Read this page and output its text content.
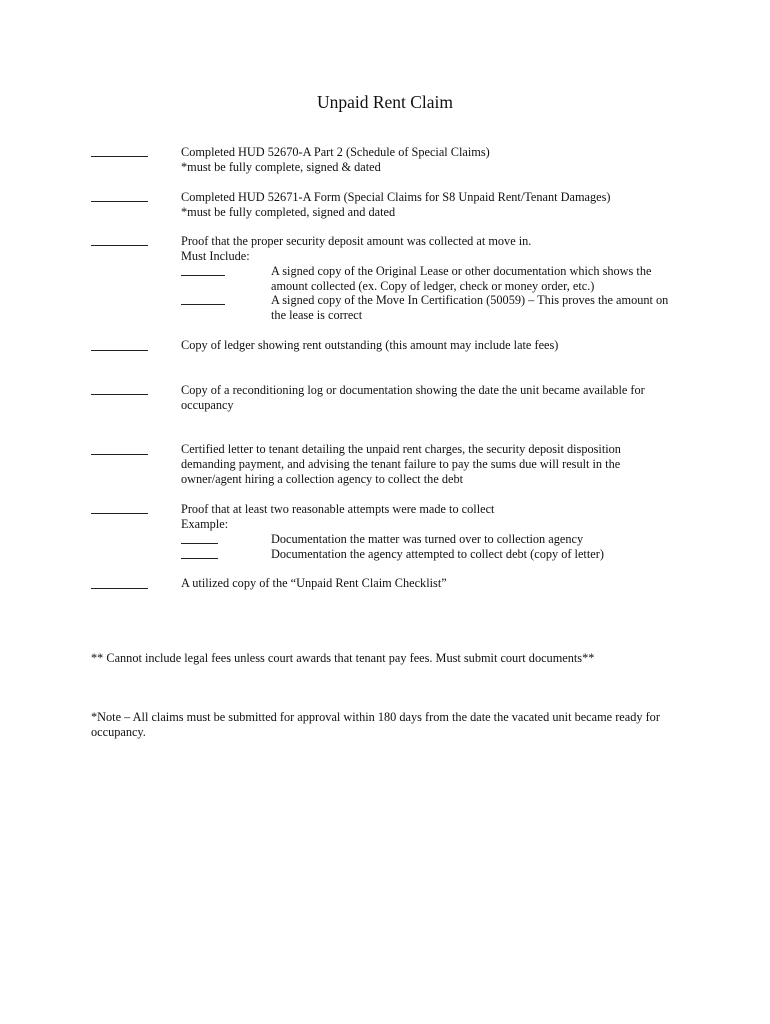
Unpaid Rent Claim
Completed HUD 52670-A Part 2 (Schedule of Special Claims)
*must be fully complete, signed & dated
Completed HUD 52671-A Form (Special Claims for S8 Unpaid Rent/Tenant Damages)
*must be fully completed, signed and dated
Proof that the proper security deposit amount was collected at move in.
Must Include:
A signed copy of the Original Lease or other documentation which shows the
amount collected (ex. Copy of ledger, check or money order, etc.)
A signed copy of the Move In Certification (50059) – This proves the amount on
the lease is correct
Copy of ledger showing rent outstanding (this amount may include late fees)
Copy of a reconditioning log or documentation showing the date the unit became available for
occupancy
Certified letter to tenant detailing the unpaid rent charges, the security deposit disposition
demanding payment, and advising the tenant failure to pay the sums due will result in the
owner/agent hiring a collection agency to collect the debt
Proof that at least two reasonable attempts were made to collect
Example:
Documentation the matter was turned over to collection agency
Documentation the agency attempted to collect debt (copy of letter)
A utilized copy of the “Unpaid Rent Claim Checklist”
** Cannot include legal fees unless court awards that tenant pay fees. Must submit court documents**
*Note – All claims must be submitted for approval within 180 days from the date the vacated unit became ready for
occupancy.
